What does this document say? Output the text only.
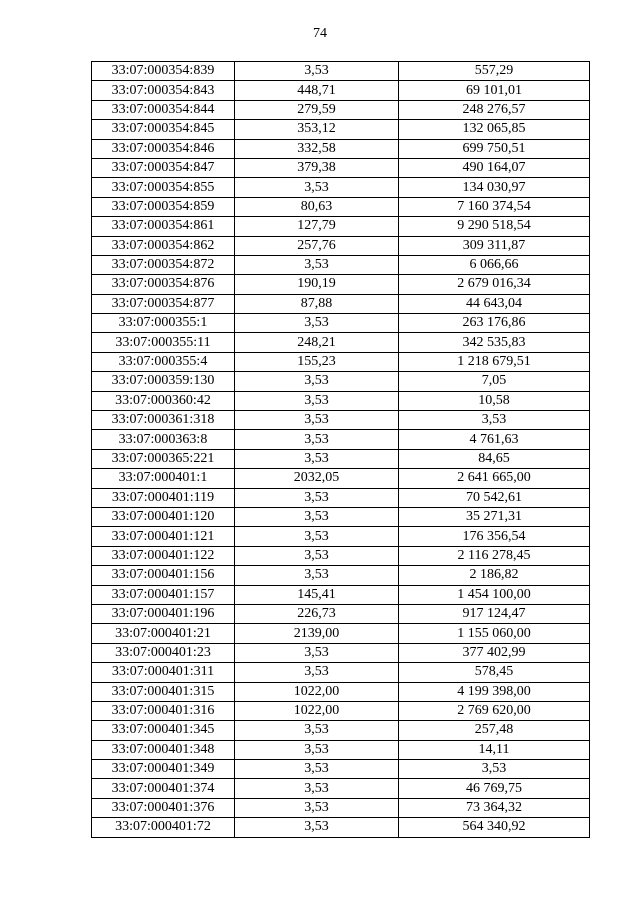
74
33:07:000354:839	3,53	557,29
33:07:000354:843	448,71	69 101,01
33:07:000354:844	279,59	248 276,57
33:07:000354:845	353,12	132 065,85
33:07:000354:846	332,58	699 750,51
33:07:000354:847	379,38	490 164,07
33:07:000354:855	3,53	134 030,97
33:07:000354:859	80,63	7 160 374,54
33:07:000354:861	127,79	9 290 518,54
33:07:000354:862	257,76	309 311,87
33:07:000354:872	3,53	6 066,66
33:07:000354:876	190,19	2 679 016,34
33:07:000354:877	87,88	44 643,04
33:07:000355:1	3,53	263 176,86
33:07:000355:11	248,21	342 535,83
33:07:000355:4	155,23	1 218 679,51
33:07:000359:130	3,53	7,05
33:07:000360:42	3,53	10,58
33:07:000361:318	3,53	3,53
33:07:000363:8	3,53	4 761,63
33:07:000365:221	3,53	84,65
33:07:000401:1	2032,05	2 641 665,00
33:07:000401:119	3,53	70 542,61
33:07:000401:120	3,53	35 271,31
33:07:000401:121	3,53	176 356,54
33:07:000401:122	3,53	2 116 278,45
33:07:000401:156	3,53	2 186,82
33:07:000401:157	145,41	1 454 100,00
33:07:000401:196	226,73	917 124,47
33:07:000401:21	2139,00	1 155 060,00
33:07:000401:23	3,53	377 402,99
33:07:000401:311	3,53	578,45
33:07:000401:315	1022,00	4 199 398,00
33:07:000401:316	1022,00	2 769 620,00
33:07:000401:345	3,53	257,48
33:07:000401:348	3,53	14,11
33:07:000401:349	3,53	3,53
33:07:000401:374	3,53	46 769,75
33:07:000401:376	3,53	73 364,32
33:07:000401:72	3,53	564 340,92
